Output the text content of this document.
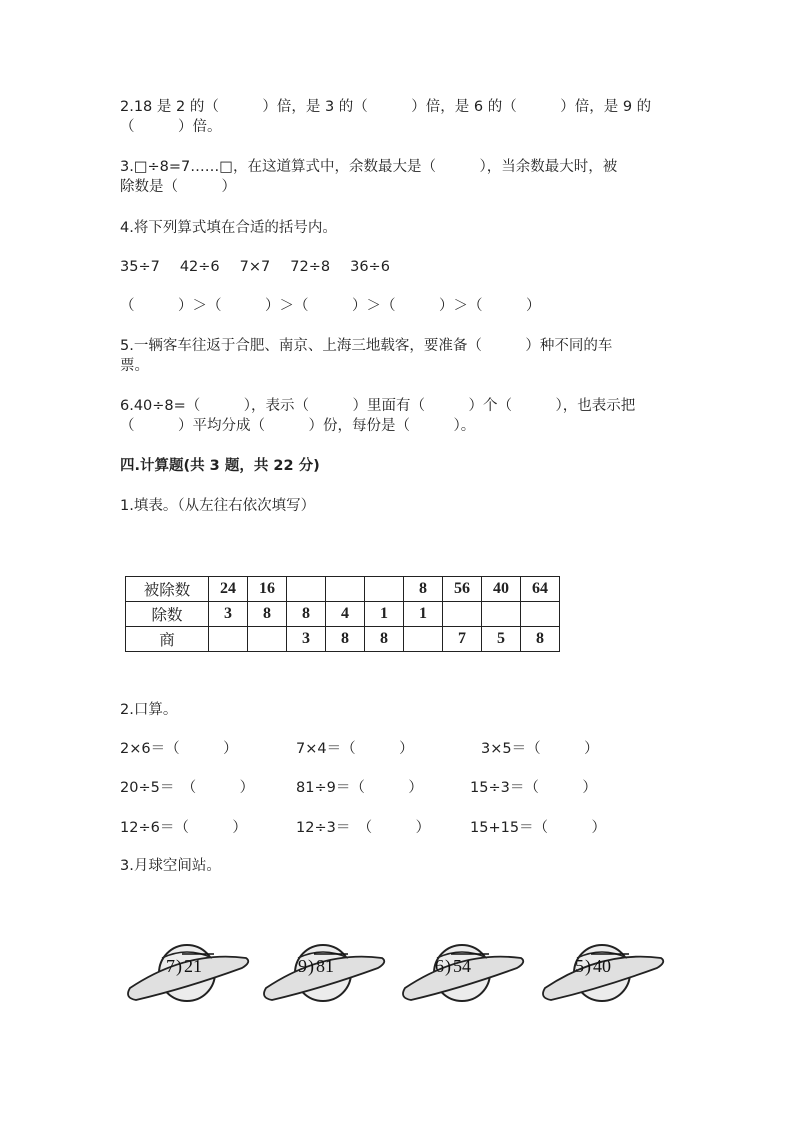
2.18 是 2 的（　　　）倍，是 3 的（　　　）倍，是 6 的（　　　）倍，是 9 的
（　　　）倍。
3.□÷8=7……□，在这道算式中，余数最大是（　　　），当余数最大时，被
除数是（　　　）
4.将下列算式填在合适的括号内。
35÷7 42÷6 7×7 72÷8 36÷6
（　　　）＞（　　　）＞（　　　）＞（　　　）＞（　　　）
5.一辆客车往返于合肥、南京、上海三地载客，要准备（　　　）种不同的车
票。
6.40÷8=（　　　），表示（　　　）里面有（　　　）个（　　　），也表示把
（　　　）平均分成（　　　）份，每份是（　　　）。
四.计算题(共 3 题，共 22 分)
1.填表。（从左往右依次填写）
被除数	24	16				8	56	40	64
除数	3	8	8	4	1	1			
商			3	8	8		7	5	8
2.口算。
2×6＝（　　　）	7×4＝（　　　）	3×5＝（　　　）
20÷5＝　（　　　）	81÷9＝（　　　）	15÷3＝（　　　）
12÷6＝（　　　）	12÷3＝　（　　　）	15+15＝（　　　）
3.月球空间站。
7 ) 21	9 ) 81	6 ) 54	5 ) 40
